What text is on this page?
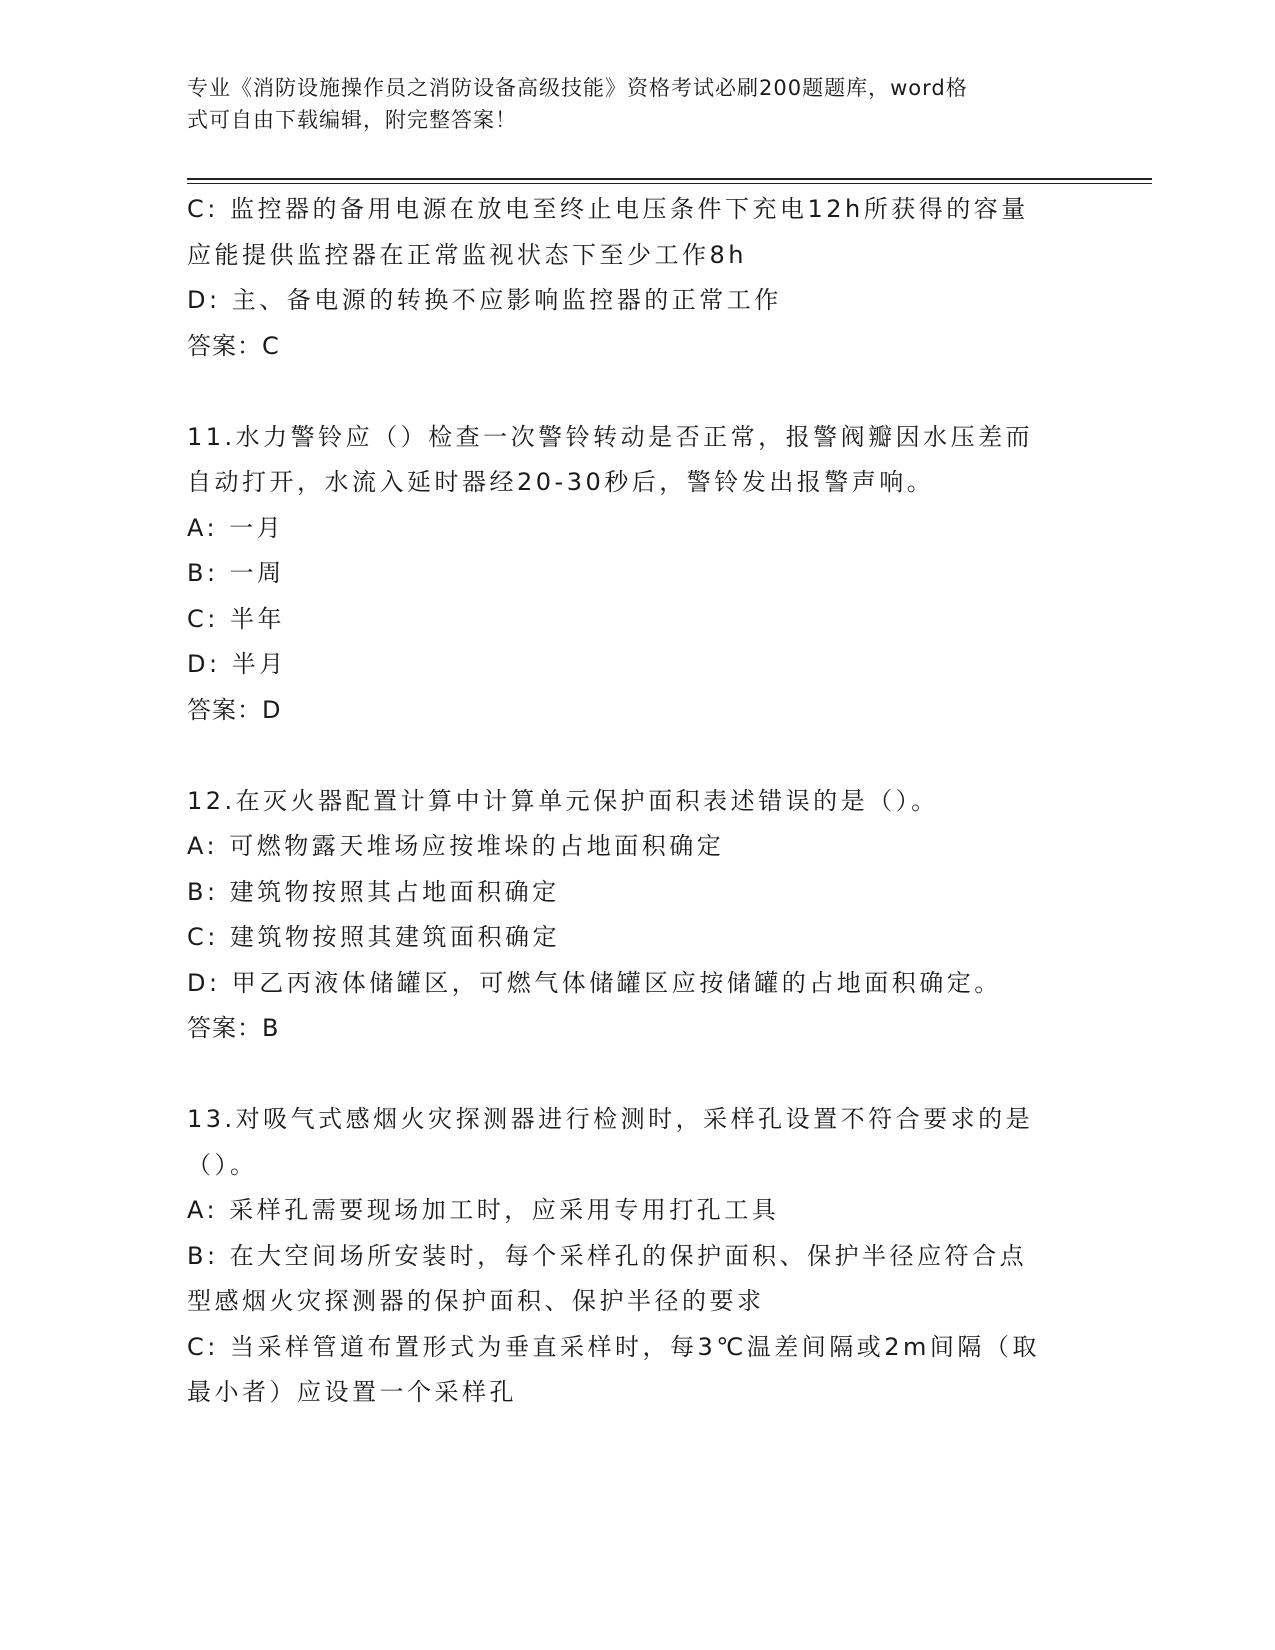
专业《消防设施操作员之消防设备高级技能》资格考试必刷200题题库，word格
式可自由下载编辑，附完整答案！
C: 监控器的备用电源在放电至终止电压条件下充电12h所获得的容量
应能提供监控器在正常监视状态下至少工作8h
D: 主、备电源的转换不应影响监控器的正常工作
答案：C
11.水力警铃应（）检查一次警铃转动是否正常，报警阀瓣因水压差而
自动打开，水流入延时器经20-30秒后，警铃发出报警声响。
A: 一月
B: 一周
C: 半年
D: 半月
答案：D
12.在灭火器配置计算中计算单元保护面积表述错误的是（）。
A: 可燃物露天堆场应按堆垛的占地面积确定
B: 建筑物按照其占地面积确定
C: 建筑物按照其建筑面积确定
D: 甲乙丙液体储罐区，可燃气体储罐区应按储罐的占地面积确定。
答案：B
13.对吸气式感烟火灾探测器进行检测时，采样孔设置不符合要求的是
（）。
A: 采样孔需要现场加工时，应采用专用打孔工具
B: 在大空间场所安装时，每个采样孔的保护面积、保护半径应符合点
型感烟火灾探测器的保护面积、保护半径的要求
C: 当采样管道布置形式为垂直采样时，每3℃温差间隔或2m间隔（取
最小者）应设置一个采样孔
